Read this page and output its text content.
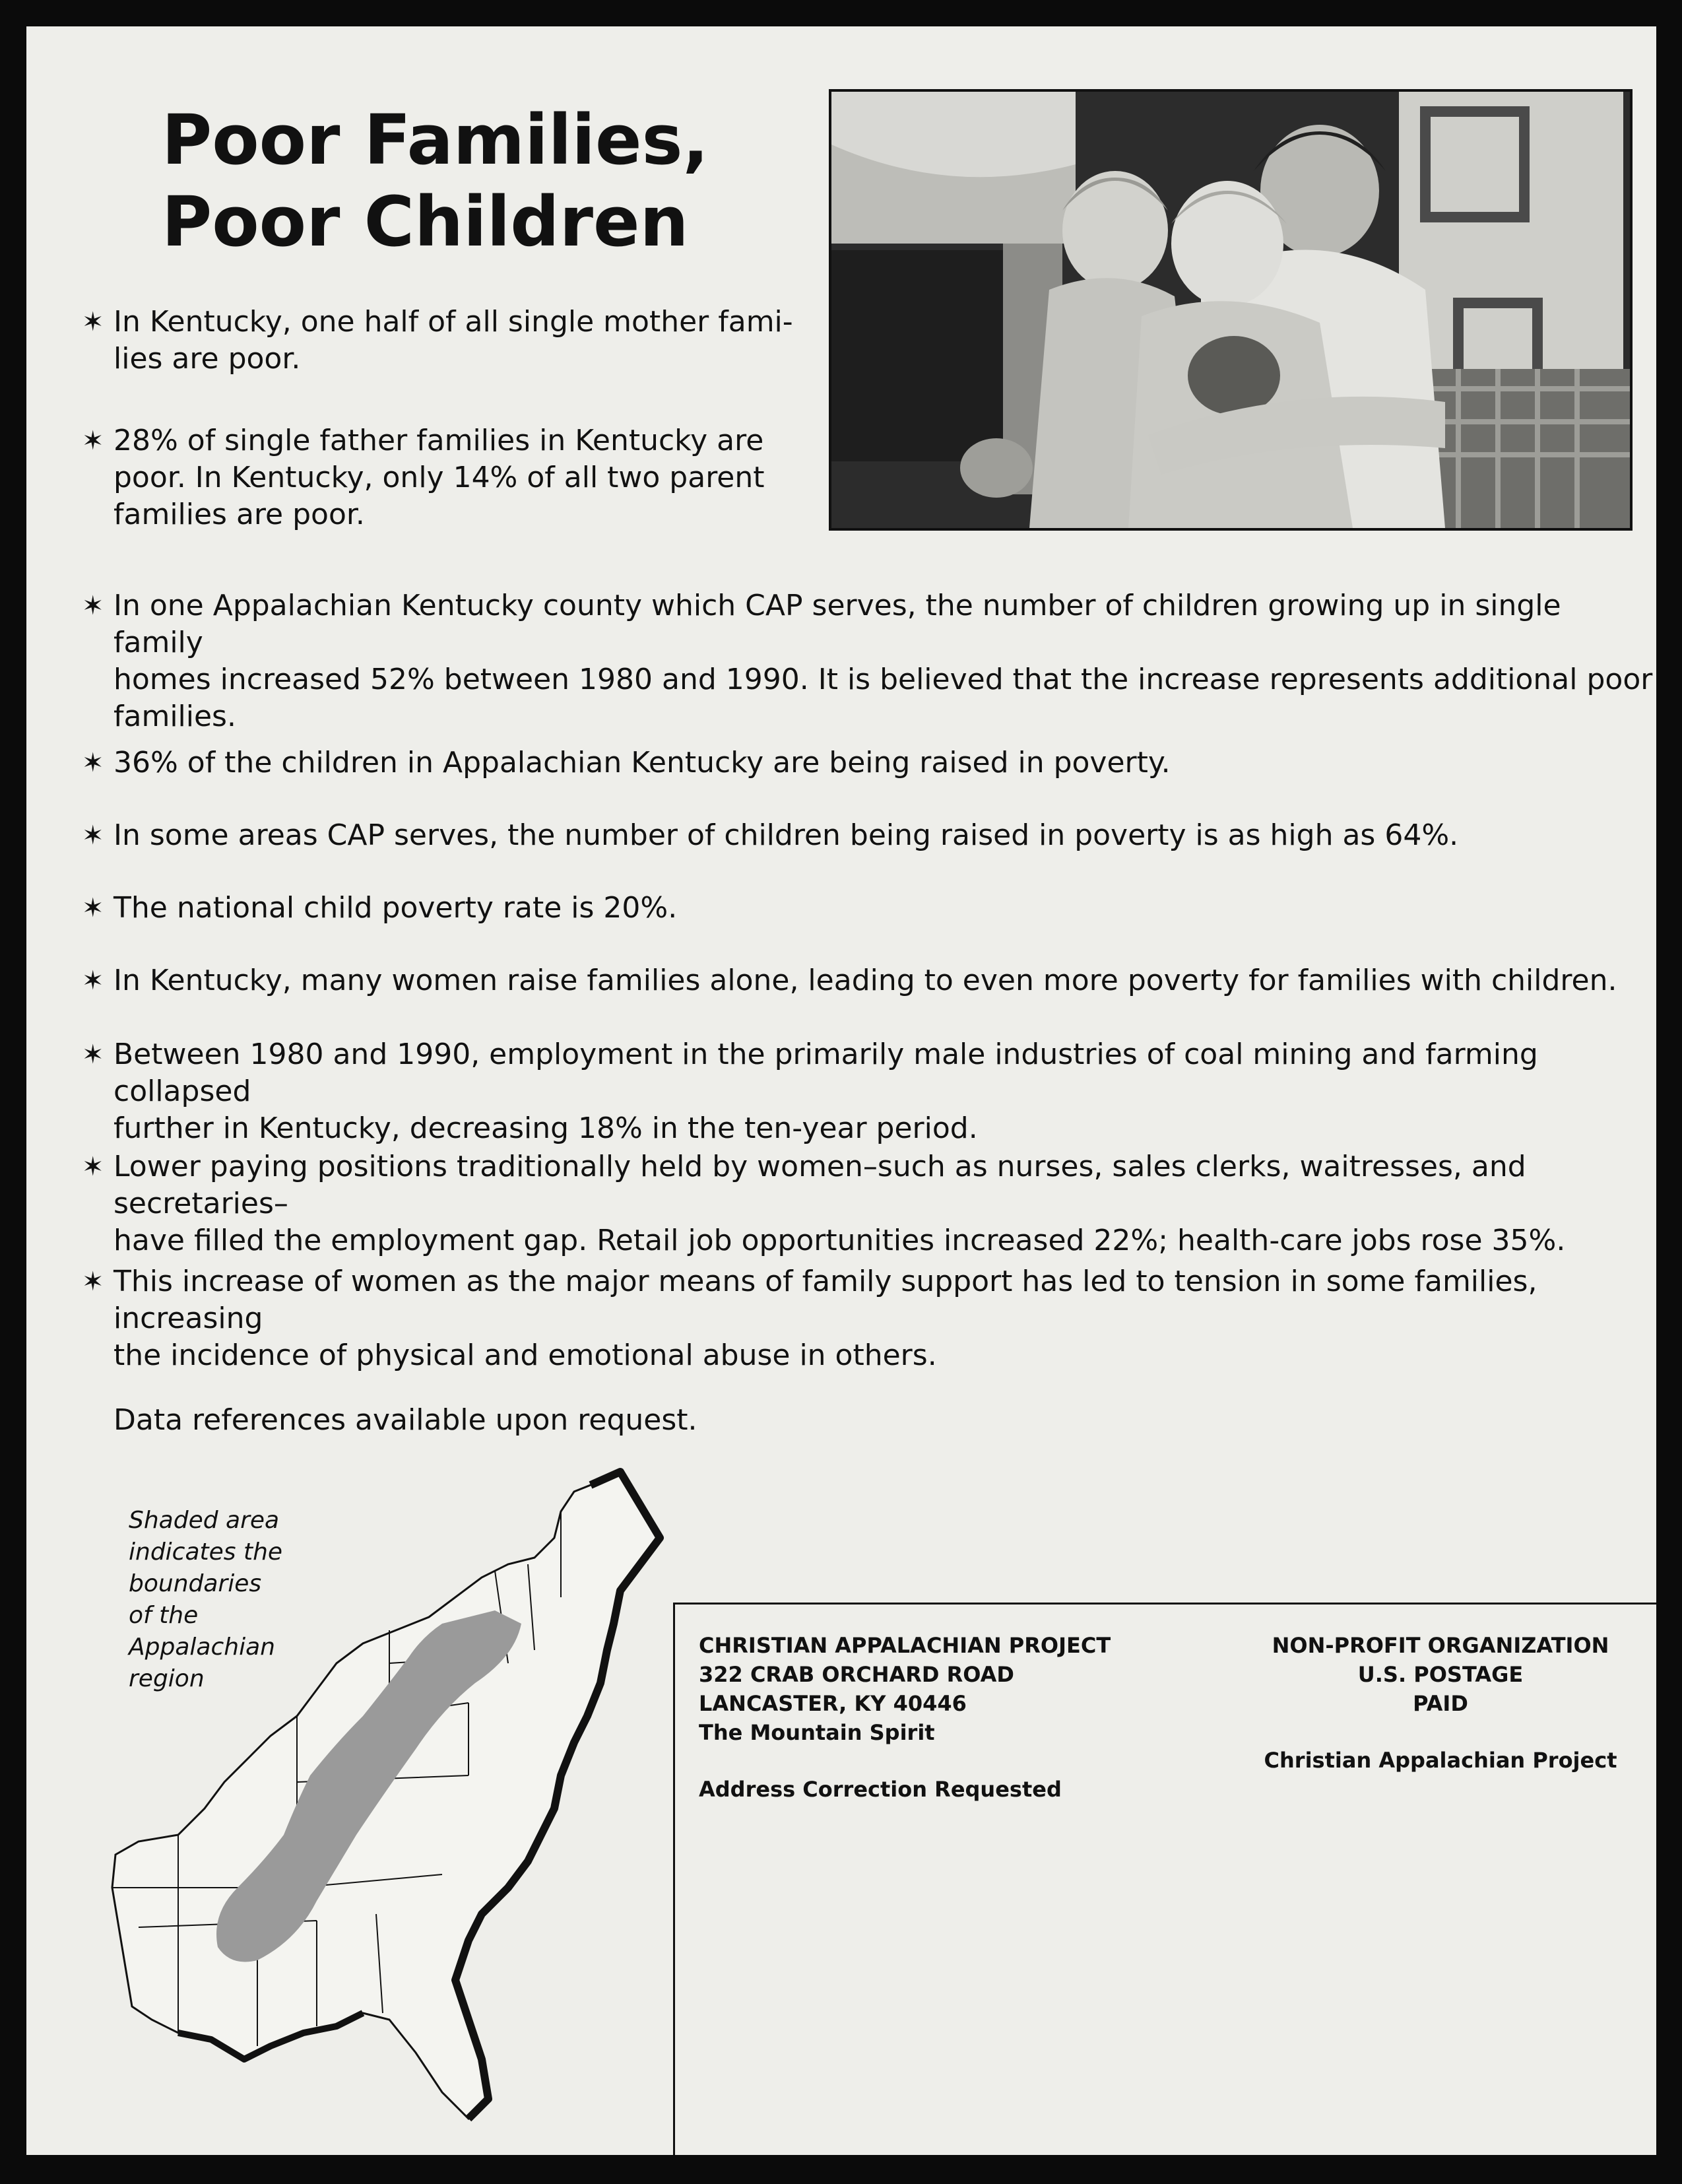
Poor Families,
Poor Children
✶ In Kentucky, one half of all single mother fami-
lies are poor.
✶ 28% of single father families in Kentucky are
poor. In Kentucky, only 14% of all two parent
families are poor.
✶ In one Appalachian Kentucky county which CAP serves, the number of children growing up in single family
homes increased 52% between 1980 and 1990. It is believed that the increase represents additional poor
families.
✶ 36% of the children in Appalachian Kentucky are being raised in poverty.
✶ In some areas CAP serves, the number of children being raised in poverty is as high as 64%.
✶ The national child poverty rate is 20%.
✶ In Kentucky, many women raise families alone, leading to even more poverty for families with children.
✶ Between 1980 and 1990, employment in the primarily male industries of coal mining and farming collapsed
further in Kentucky, decreasing 18% in the ten-year period.
✶ Lower paying positions traditionally held by women–such as nurses, sales clerks, waitresses, and secretaries–
have filled the employment gap. Retail job opportunities increased 22%; health-care jobs rose 35%.
✶ This increase of women as the major means of family support has led to tension in some families, increasing
the incidence of physical and emotional abuse in others.
Data references available upon request.
Shaded area
indicates the
boundaries
of the
Appalachian
region
CHRISTIAN APPALACHIAN PROJECT
322 CRAB ORCHARD ROAD
LANCASTER, KY 40446
The Mountain Spirit
Address Correction Requested
NON-PROFIT ORGANIZATION
U.S. POSTAGE
PAID
Christian Appalachian Project
